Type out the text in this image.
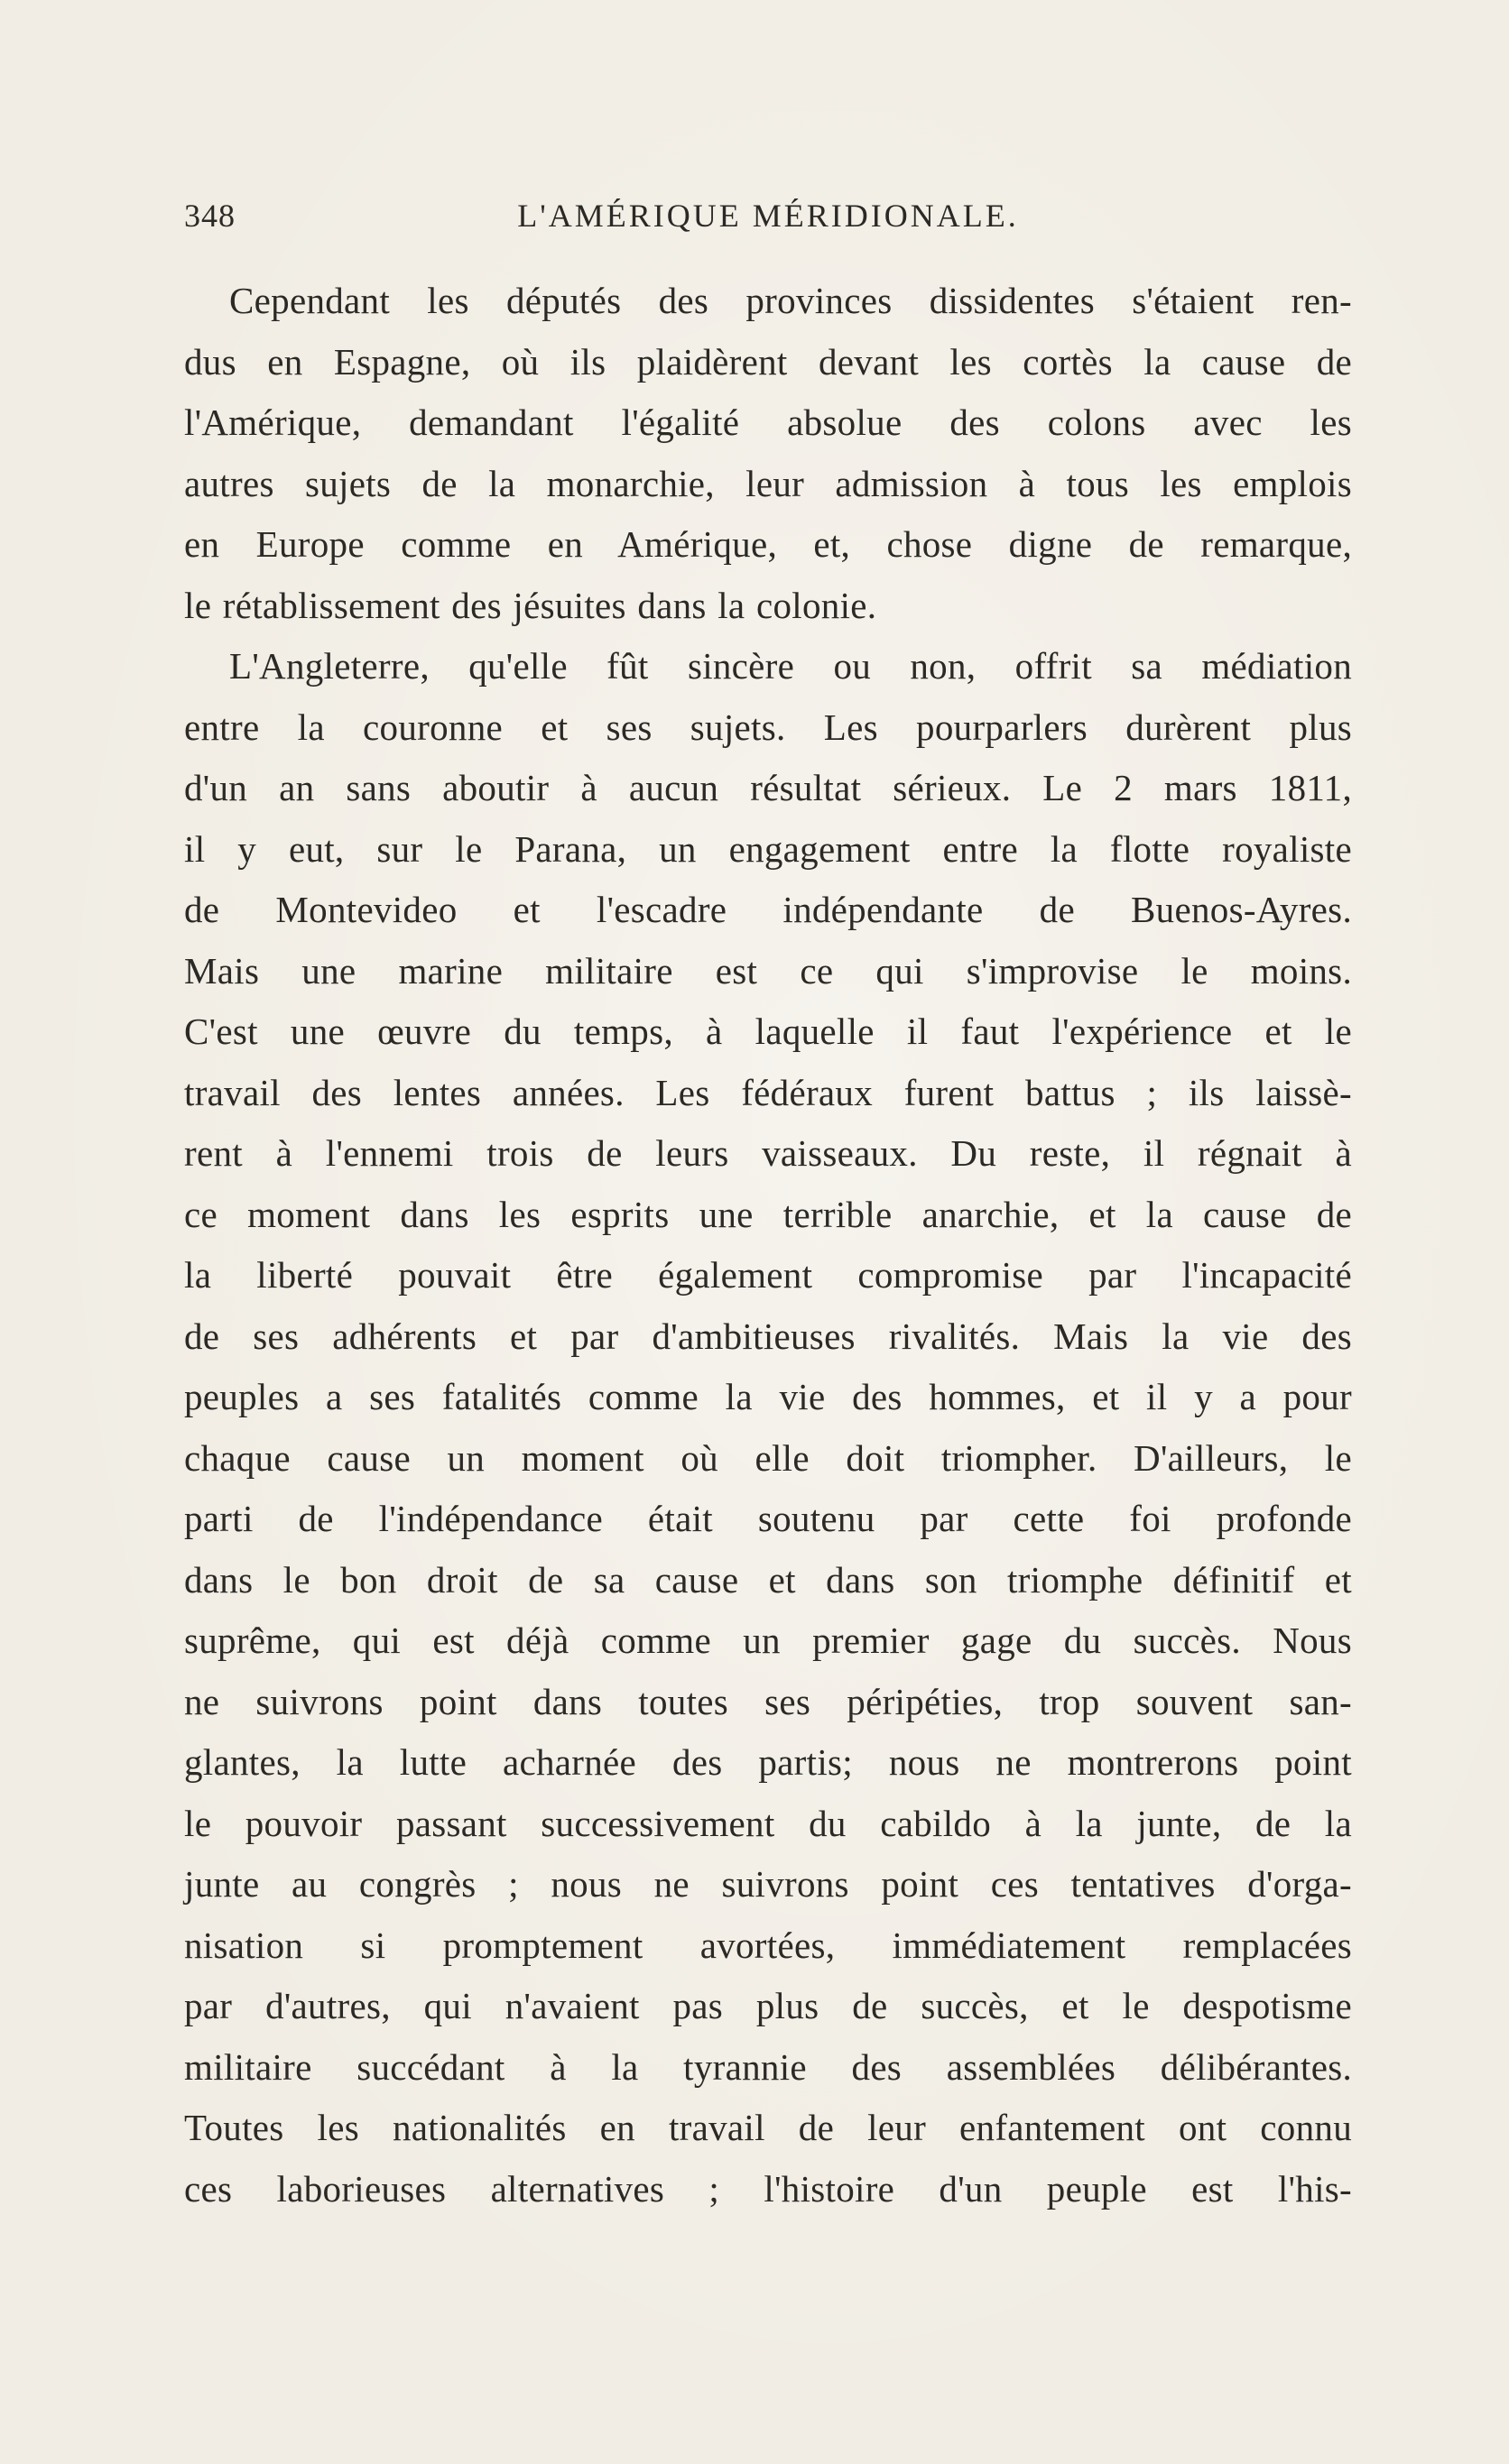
348	L'AMÉRIQUE MÉRIDIONALE.
Cependant les députés des provinces dissidentes s'étaient ren-
dus en Espagne, où ils plaidèrent devant les cortès la cause de
l'Amérique, demandant l'égalité absolue des colons avec les
autres sujets de la monarchie, leur admission à tous les emplois
en Europe comme en Amérique, et, chose digne de remarque,
le rétablissement des jésuites dans la colonie.
L'Angleterre, qu'elle fût sincère ou non, offrit sa médiation
entre la couronne et ses sujets. Les pourparlers durèrent plus
d'un an sans aboutir à aucun résultat sérieux. Le 2 mars 1811,
il y eut, sur le Parana, un engagement entre la flotte royaliste
de Montevideo et l'escadre indépendante de Buenos-Ayres.
Mais une marine militaire est ce qui s'improvise le moins.
C'est une œuvre du temps, à laquelle il faut l'expérience et le
travail des lentes années. Les fédéraux furent battus ; ils laissè-
rent à l'ennemi trois de leurs vaisseaux. Du reste, il régnait à
ce moment dans les esprits une terrible anarchie, et la cause de
la liberté pouvait être également compromise par l'incapacité
de ses adhérents et par d'ambitieuses rivalités. Mais la vie des
peuples a ses fatalités comme la vie des hommes, et il y a pour
chaque cause un moment où elle doit triompher. D'ailleurs, le
parti de l'indépendance était soutenu par cette foi profonde
dans le bon droit de sa cause et dans son triomphe définitif et
suprême, qui est déjà comme un premier gage du succès. Nous
ne suivrons point dans toutes ses péripéties, trop souvent san-
glantes, la lutte acharnée des partis; nous ne montrerons point
le pouvoir passant successivement du cabildo à la junte, de la
junte au congrès ; nous ne suivrons point ces tentatives d'orga-
nisation si promptement avortées, immédiatement remplacées
par d'autres, qui n'avaient pas plus de succès, et le despotisme
militaire succédant à la tyrannie des assemblées délibérantes.
Toutes les nationalités en travail de leur enfantement ont connu
ces laborieuses alternatives ; l'histoire d'un peuple est l'his-
